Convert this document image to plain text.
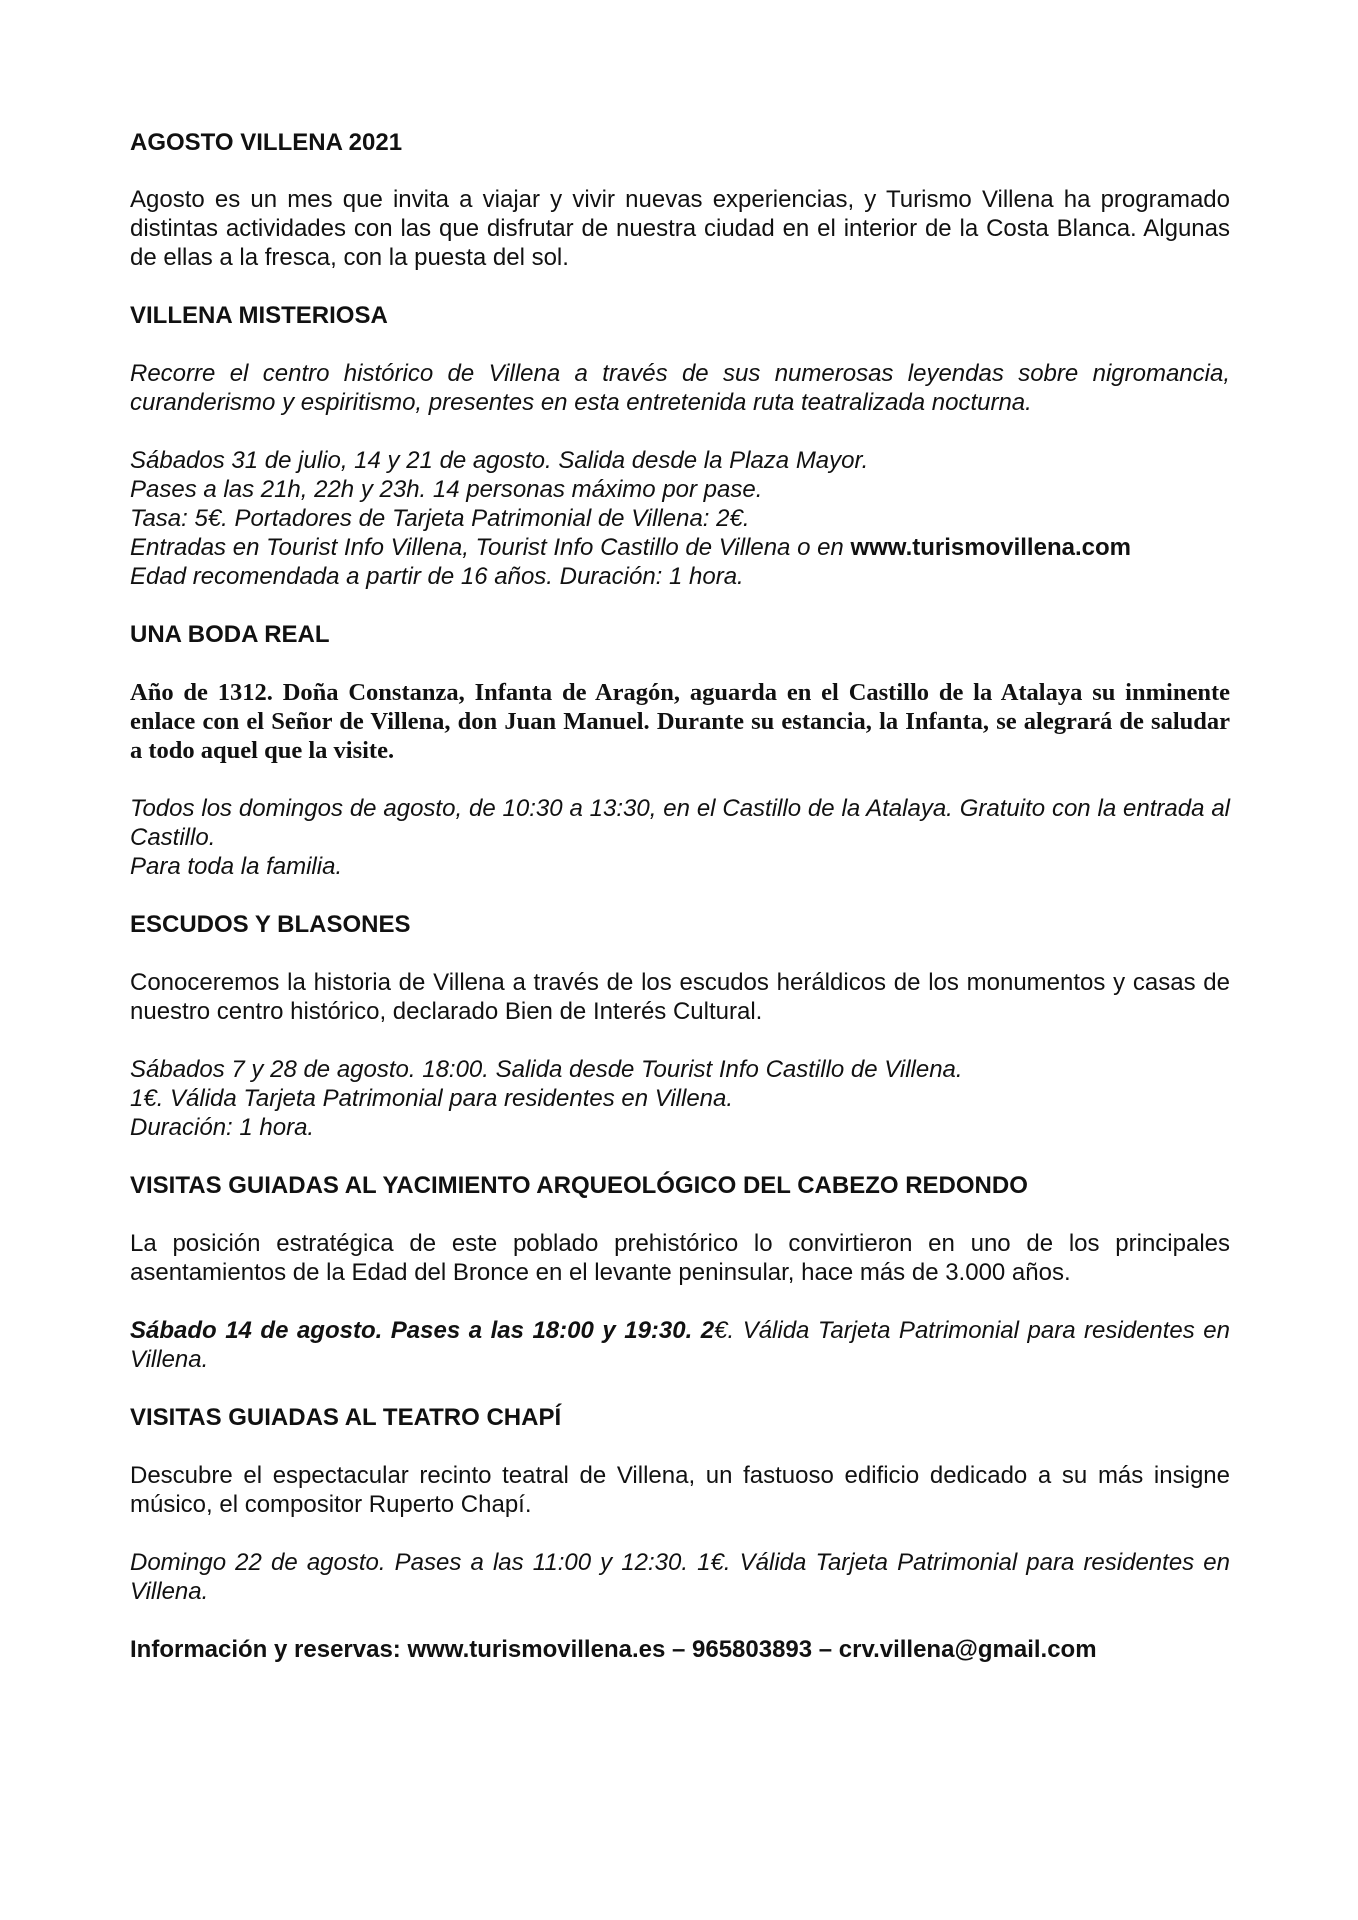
AGOSTO VILLENA 2021

Agosto es un mes que invita a viajar y vivir nuevas experiencias, y Turismo Villena ha programado distintas actividades con las que disfrutar de nuestra ciudad en el interior de la Costa Blanca. Algunas de ellas a la fresca, con la puesta del sol.

VILLENA MISTERIOSA

Recorre el centro histórico de Villena a través de sus numerosas leyendas sobre nigromancia, curanderismo y espiritismo, presentes en esta entretenida ruta teatralizada nocturna.

Sábados 31 de julio, 14 y 21 de agosto. Salida desde la Plaza Mayor.
Pases a las 21h, 22h y 23h. 14 personas máximo por pase.
Tasa: 5€. Portadores de Tarjeta Patrimonial de Villena: 2€.
Entradas en Tourist Info Villena, Tourist Info Castillo de Villena o en www.turismovillena.com
Edad recomendada a partir de 16 años. Duración: 1 hora.

UNA BODA REAL

Año de 1312. Doña Constanza, Infanta de Aragón, aguarda en el Castillo de la Atalaya su inminente enlace con el Señor de Villena, don Juan Manuel. Durante su estancia, la Infanta, se alegrará de saludar a todo aquel que la visite.

Todos los domingos de agosto, de 10:30 a 13:30, en el Castillo de la Atalaya. Gratuito con la entrada al Castillo.
Para toda la familia.

ESCUDOS Y BLASONES

Conoceremos la historia de Villena a través de los escudos heráldicos de los monumentos y casas de nuestro centro histórico, declarado Bien de Interés Cultural.

Sábados 7 y 28 de agosto. 18:00. Salida desde Tourist Info Castillo de Villena.
1€. Válida Tarjeta Patrimonial para residentes en Villena.
Duración: 1 hora.

VISITAS GUIADAS AL YACIMIENTO ARQUEOLÓGICO DEL CABEZO REDONDO

La posición estratégica de este poblado prehistórico lo convirtieron en uno de los principales asentamientos de la Edad del Bronce en el levante peninsular, hace más de 3.000 años.

Sábado 14 de agosto. Pases a las 18:00 y 19:30. 2€. Válida Tarjeta Patrimonial para residentes en Villena.

VISITAS GUIADAS AL TEATRO CHAPÍ

Descubre el espectacular recinto teatral de Villena, un fastuoso edificio dedicado a su más insigne músico, el compositor Ruperto Chapí.

Domingo 22 de agosto. Pases a las 11:00 y 12:30. 1€. Válida Tarjeta Patrimonial para residentes en Villena.

Información y reservas: www.turismovillena.es – 965803893 – crv.villena@gmail.com
